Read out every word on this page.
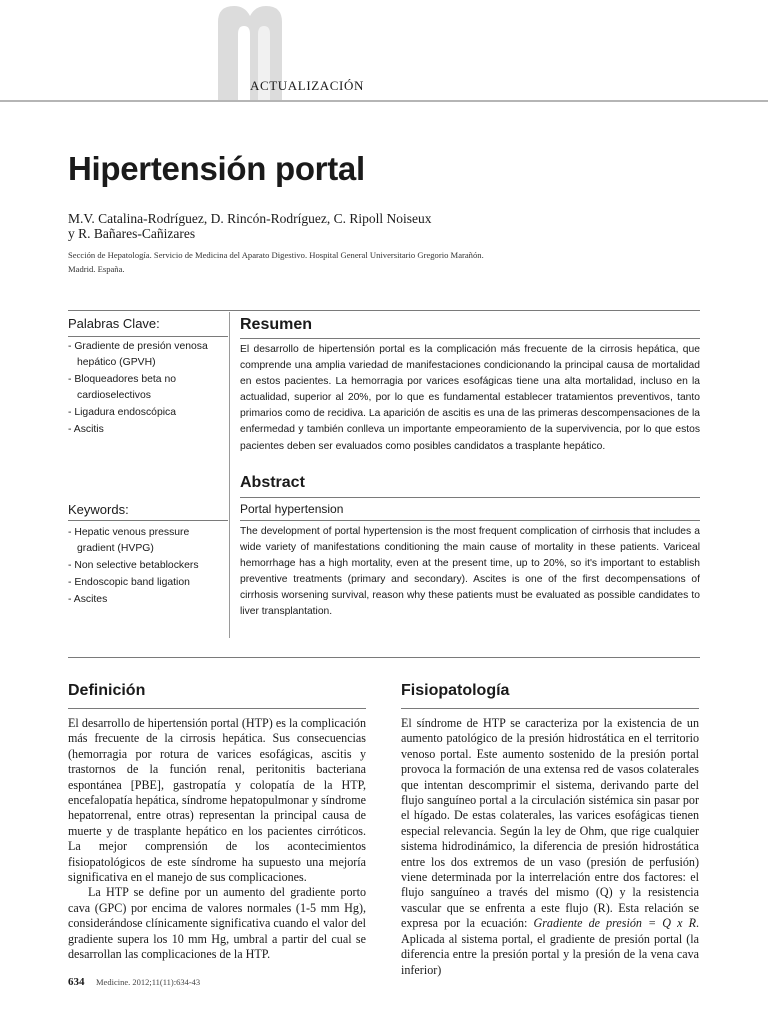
ACTUALIZACIÓN
Hipertensión portal
M.V. Catalina-Rodríguez, D. Rincón-Rodríguez, C. Ripoll Noiseux
y R. Bañares-Cañizares
Sección de Hepatología. Servicio de Medicina del Aparato Digestivo. Hospital General Universitario Gregorio Marañón.
Madrid. España.
Palabras Clave:
- Gradiente de presión venosa hepático (GPVH)
- Bloqueadores beta no cardioselectivos
- Ligadura endoscópica
- Ascitis
Resumen

El desarrollo de hipertensión portal es la complicación más frecuente de la cirrosis hepática, que comprende una amplia variedad de manifestaciones condicionando la principal causa de mortalidad en estos pacientes. La hemorragia por varices esofágicas tiene una alta mortalidad, incluso en la actualidad, superior al 20%, por lo que es fundamental establecer tratamientos preventivos, tanto primarios como de recidiva. La aparición de ascitis es una de las primeras descompensaciones de la enfermedad y también conlleva un importante empeoramiento de la supervivencia, por lo que estos pacientes deben ser evaluados como posibles candidatos a trasplante hepático.

Keywords:
- Hepatic venous pressure gradient (HVPG)
- Non selective betablockers
- Endoscopic band ligation
- Ascites
Abstract
Portal hypertension

The development of portal hypertension is the most frequent complication of cirrhosis that includes a wide variety of manifestations conditioning the main cause of mortality in these patients. Variceal hemorrhage has a high mortality, even at the present time, up to 20%, so it's important to establish preventive treatments (primary and secondary). Ascites is one of the first decompensations of cirrhosis worsening survival, reason why these patients must be evaluated as possible candidates to liver transplantation.

Definición

El desarrollo de hipertensión portal (HTP) es la complicación más frecuente de la cirrosis hepática. Sus consecuencias (hemorragia por rotura de varices esofágicas, ascitis y trastornos de la función renal, peritonitis bacteriana espontánea [PBE], gastropatía y colopatía de la HTP, encefalopatía hepática, síndrome hepatopulmonar y síndrome hepatorrenal, entre otras) representan la principal causa de muerte y de trasplante hepático en los pacientes cirróticos. La mejor comprensión de los acontecimientos fisiopatológicos de este síndrome ha supuesto una mejoría significativa en el manejo de sus complicaciones.

La HTP se define por un aumento del gradiente porto cava (GPC) por encima de valores normales (1-5 mm Hg), considerándose clínicamente significativa cuando el valor del gradiente supera los 10 mm Hg, umbral a partir del cual se desarrollan las complicaciones de la HTP.

Fisiopatología

El síndrome de HTP se caracteriza por la existencia de un aumento patológico de la presión hidrostática en el territorio venoso portal. Este aumento sostenido de la presión portal provoca la formación de una extensa red de vasos colaterales que intentan descomprimir el sistema, derivando parte del flujo sanguíneo portal a la circulación sistémica sin pasar por el hígado. De estas colaterales, las varices esofágicas tienen especial relevancia. Según la ley de Ohm, que rige cualquier sistema hidrodinámico, la diferencia de presión hidrostática entre los dos extremos de un vaso (presión de perfusión) viene determinada por la interrelación entre dos factores: el flujo sanguíneo a través del mismo (Q) y la resistencia vascular que se enfrenta a este flujo (R). Esta relación se expresa por la ecuación: Gradiente de presión = Q x R. Aplicada al sistema portal, el gradiente de presión portal (la diferencia entre la presión portal y la presión de la vena cava inferior)

634 Medicine. 2012;11(11):634-43
